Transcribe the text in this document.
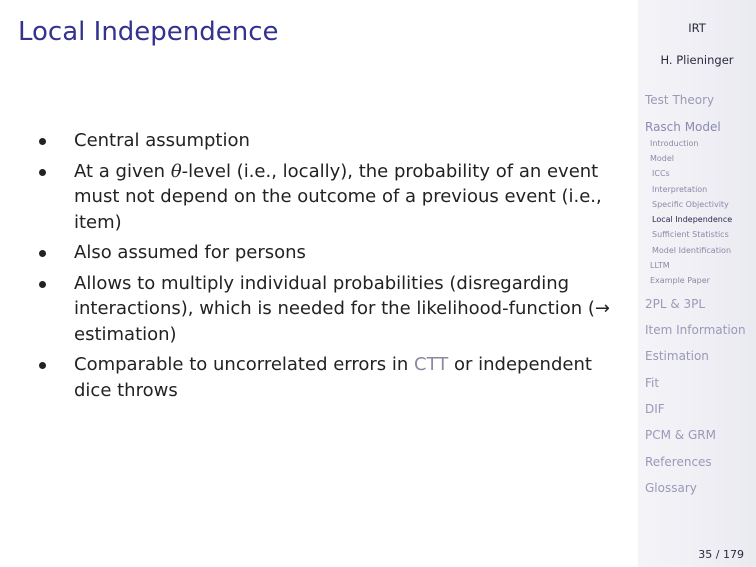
Local Independence
Central assumption
At a given θ-level (i.e., locally), the probability of an event must not depend on the outcome of a previous event (i.e., item)
Also assumed for persons
Allows to multiply individual probabilities (disregarding interactions), which is needed for the likelihood-function (→ estimation)
Comparable to uncorrelated errors in CTT or independent dice throws
IRT
H. Plieninger
Test Theory
Rasch Model
Introduction
Model
ICCs
Interpretation
Specific Objectivity
Local Independence
Sufficient Statistics
Model Identification
LLTM
Example Paper
2PL & 3PL
Item Information
Estimation
Fit
DIF
PCM & GRM
References
Glossary
35 / 179
